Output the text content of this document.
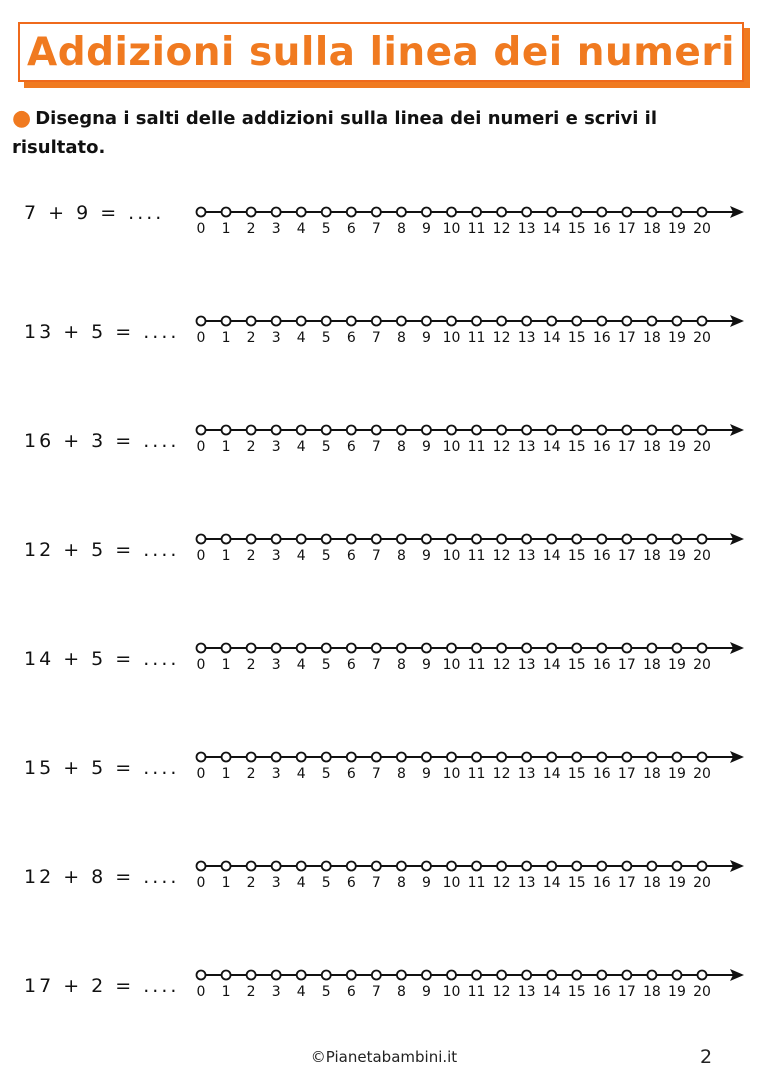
Addizioni sulla linea dei numeri
● Disegna i salti delle addizioni sulla linea dei numeri e scrivi il risultato.
7 + 9 = ....
0 1 2 3 4 5 6 7 8 9 10 11 12 13 14 15 16 17 18 19 20
13 + 5 = .... 0 1 2 3 4 5 6 7 8 9 10 11 12 13 14 15 16 17 18 19 20
16 + 3 = .... 0 1 2 3 4 5 6 7 8 9 10 11 12 13 14 15 16 17 18 19 20
12 + 5 = .... 0 1 2 3 4 5 6 7 8 9 10 11 12 13 14 15 16 17 18 19 20
14 + 5 = .... 0 1 2 3 4 5 6 7 8 9 10 11 12 13 14 15 16 17 18 19 20
15 + 5 = .... 0 1 2 3 4 5 6 7 8 9 10 11 12 13 14 15 16 17 18 19 20
12 + 8 = .... 0 1 2 3 4 5 6 7 8 9 10 11 12 13 14 15 16 17 18 19 20
17 + 2 = .... 0 1 2 3 4 5 6 7 8 9 10 11 12 13 14 15 16 17 18 19 20
©Pianetabambini.it	2
